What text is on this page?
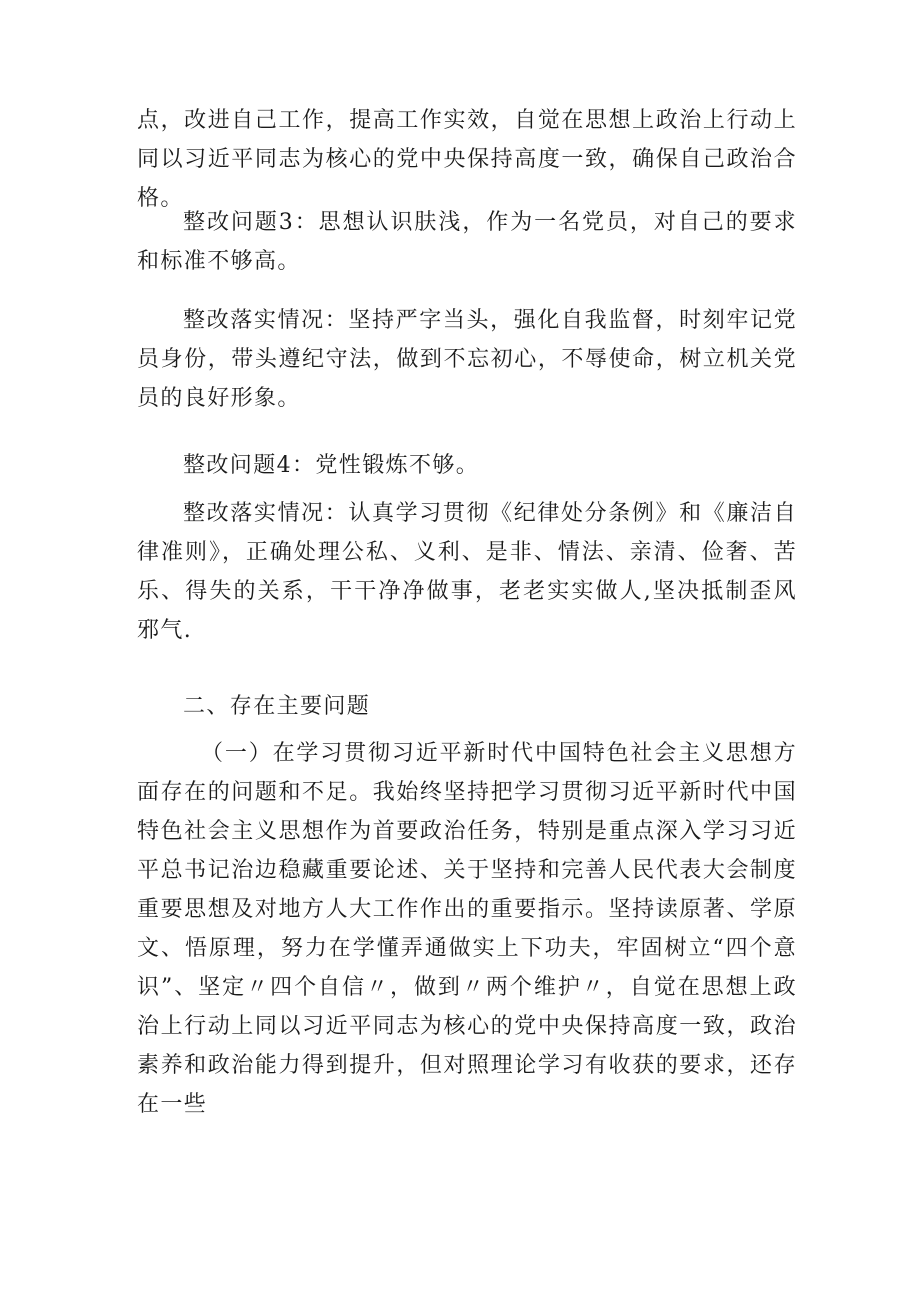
点，改进自己工作，提高工作实效，自觉在思想上政治上行动上同以习近平同志为核心的党中央保持高度一致，确保自己政治合格。

整改问题3：思想认识肤浅，作为一名党员，对自己的要求和标准不够高。

整改落实情况：坚持严字当头，强化自我监督，时刻牢记党员身份，带头遵纪守法，做到不忘初心，不辱使命，树立机关党员的良好形象。

整改问题4：党性锻炼不够。

整改落实情况：认真学习贯彻《纪律处分条例》和《廉洁自律准则》，正确处理公私、义利、是非、情法、亲清、俭奢、苦乐、得失的关系，干干净净做事，老老实实做人,坚决抵制歪风邪气.

二、存在主要问题

（一）在学习贯彻习近平新时代中国特色社会主义思想方面存在的问题和不足。我始终坚持把学习贯彻习近平新时代中国特色社会主义思想作为首要政治任务，特别是重点深入学习习近平总书记治边稳藏重要论述、关于坚持和完善人民代表大会制度重要思想及对地方人大工作作出的重要指示。坚持读原著、学原文、悟原理，努力在学懂弄通做实上下功夫，牢固树立“四个意识”、坚定〃四个自信〃，做到〃两个维护〃，自觉在思想上政治上行动上同以习近平同志为核心的党中央保持高度一致，政治素养和政治能力得到提升，但对照理论学习有收获的要求，还存在一些
